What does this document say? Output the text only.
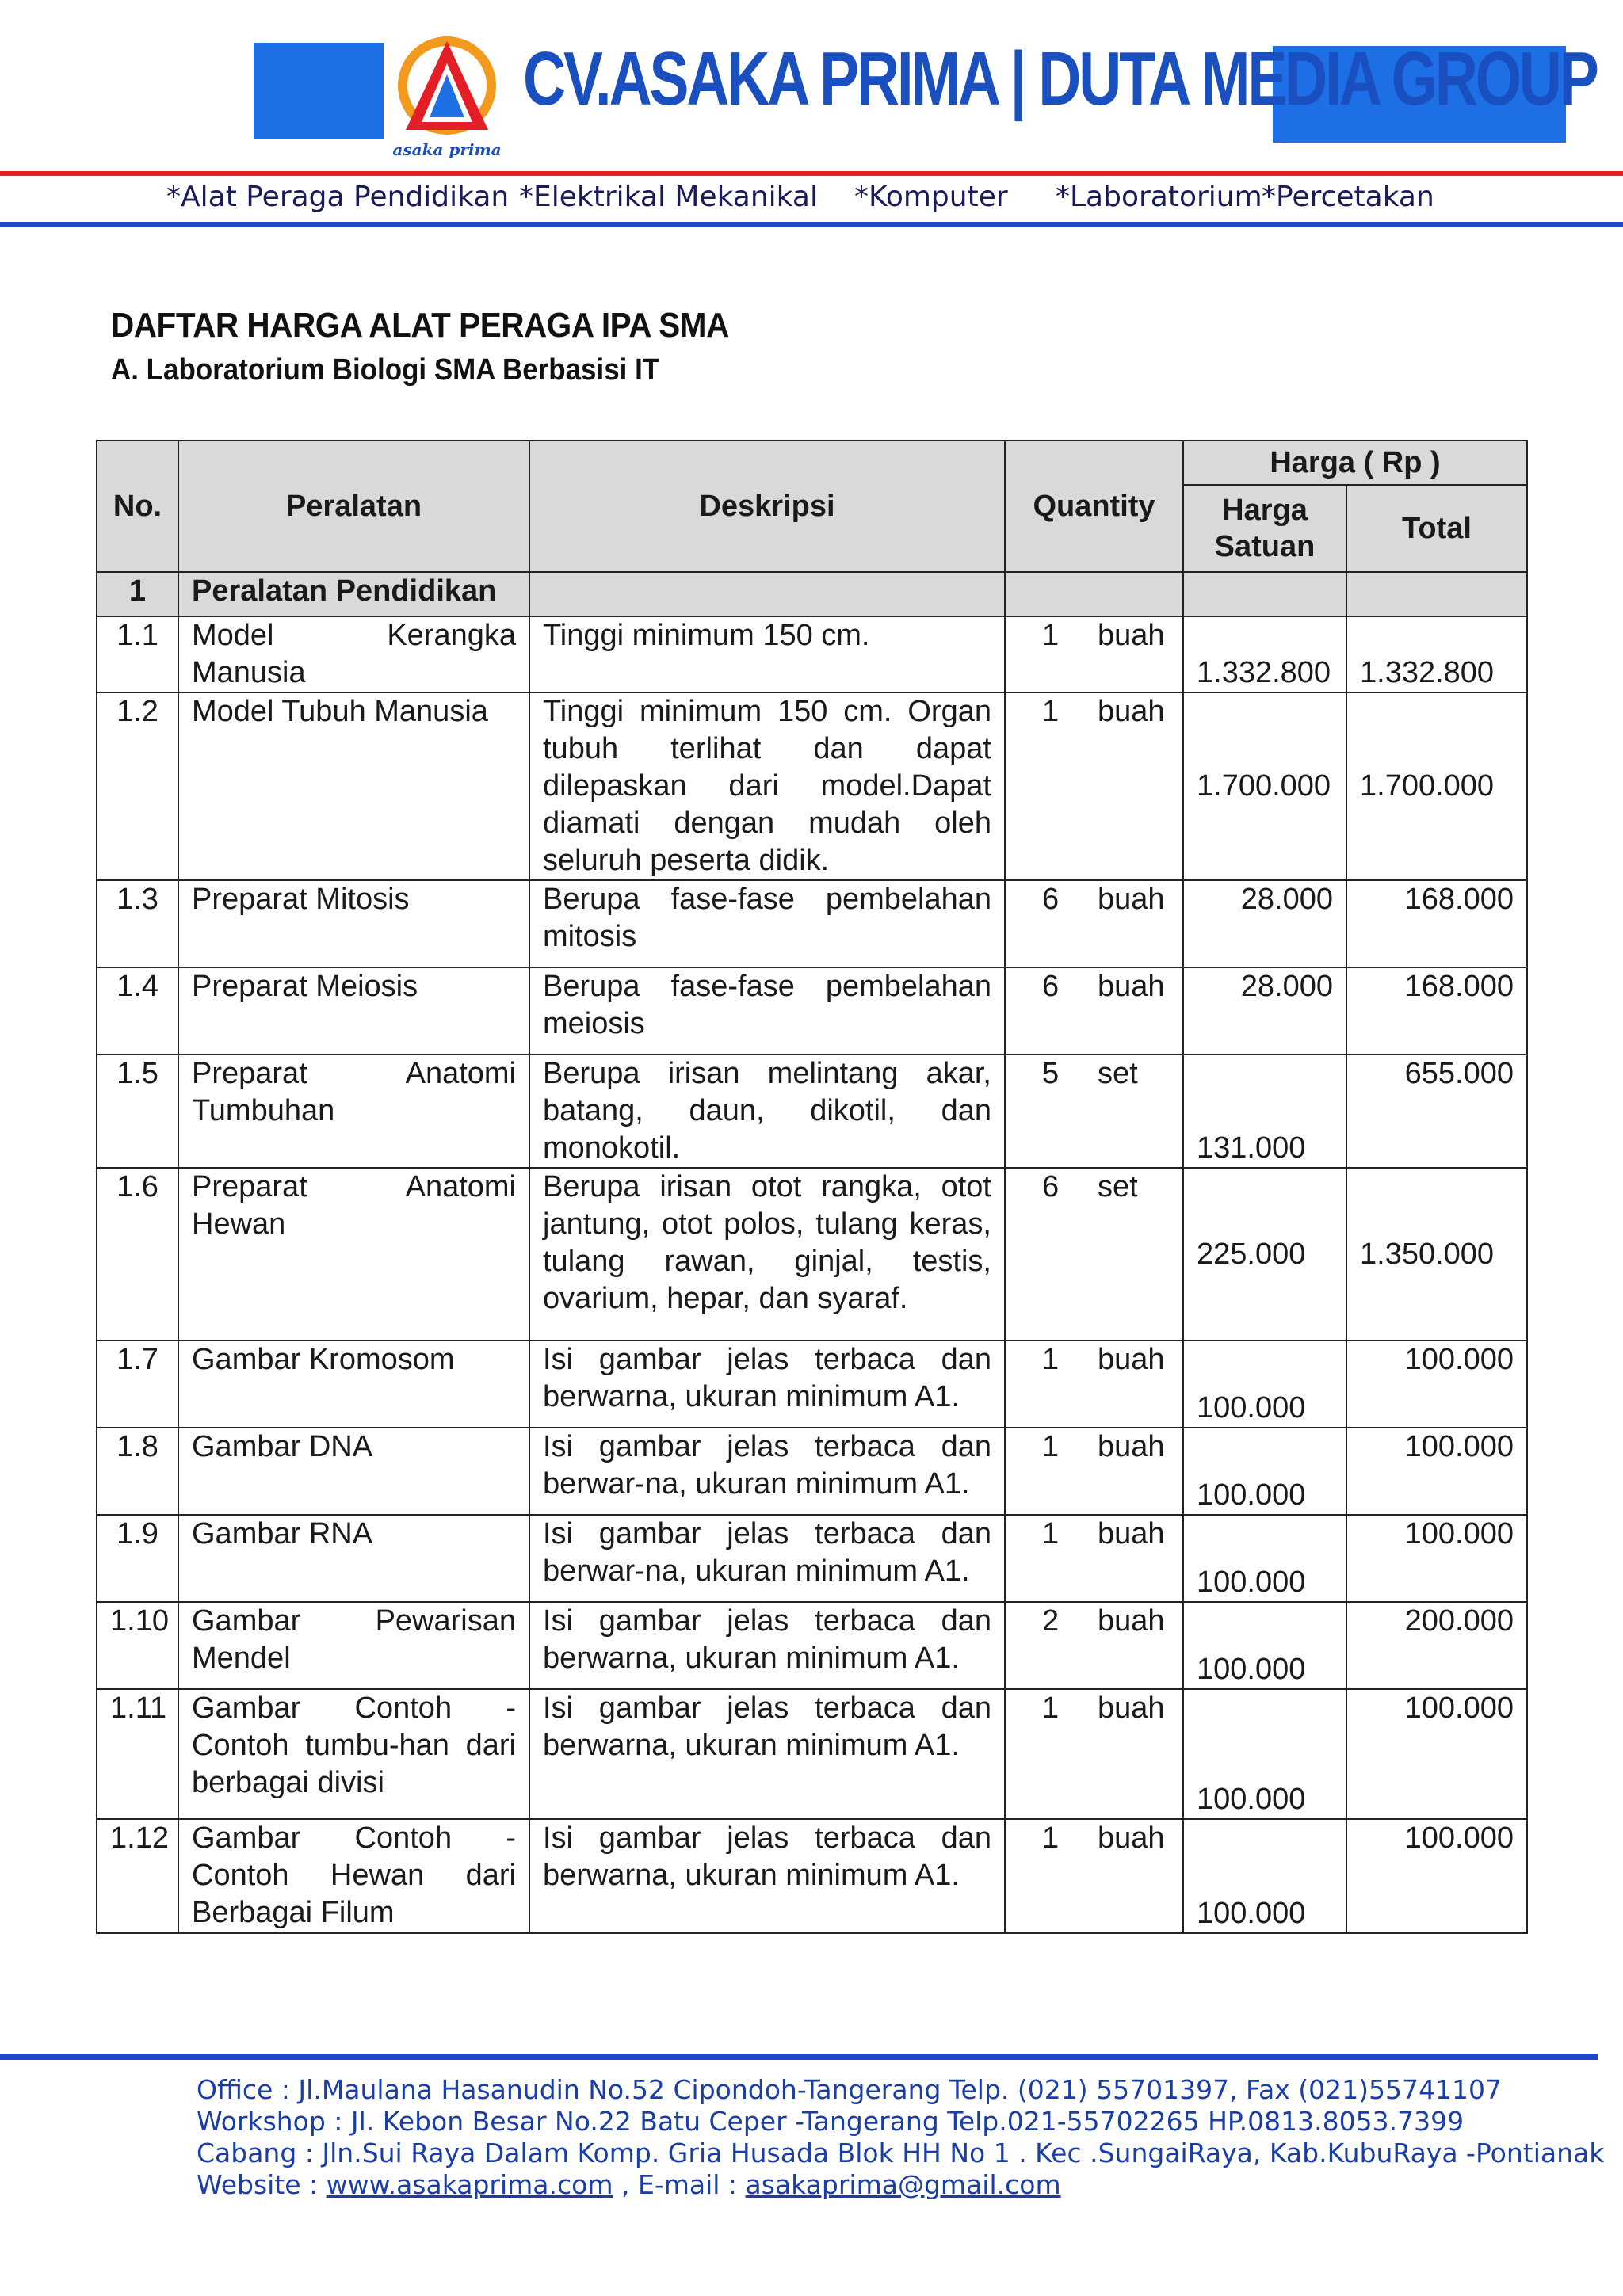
asaka prima
CV.ASAKA PRIMA | DUTA MEDIA GROUP
*Alat Peraga Pendidikan *Elektrikal Mekanikal *Komputer *Laboratorium *Percetakan
DAFTAR HARGA ALAT PERAGA IPA SMA
A. Laboratorium Biologi SMA Berbasisi IT
No.	Peralatan	Deskripsi	Quantity	Harga ( Rp )	
				Harga Satuan	Total
1	Peralatan Pendidikan				
1.1	Model Kerangka Manusia	Tinggi minimum 150 cm.	1 buah	1.332.800	1.332.800
1.2	Model Tubuh Manusia	Tinggi minimum 150 cm. Organ tubuh terlihat dan dapat dilepaskan dari model.Dapat diamati dengan mudah oleh seluruh peserta didik.	1 buah	1.700.000	1.700.000
1.3	Preparat Mitosis	Berupa fase-fase pembelahan mitosis	6 buah	28.000	168.000
1.4	Preparat Meiosis	Berupa fase-fase pembelahan meiosis	6 buah	28.000	168.000
1.5	Preparat Anatomi Tumbuhan	Berupa irisan melintang akar, batang, daun, dikotil, dan monokotil.	5 set	131.000	655.000
1.6	Preparat Anatomi Hewan	Berupa irisan otot rangka, otot jantung, otot polos, tulang keras, tulang rawan, ginjal, testis, ovarium, hepar, dan syaraf.	6 set	225.000	1.350.000
1.7	Gambar Kromosom	Isi gambar jelas terbaca dan berwarna, ukuran minimum A1.	1 buah	100.000	100.000
1.8	Gambar DNA	Isi gambar jelas terbaca dan berwar-na, ukuran minimum A1.	1 buah	100.000	100.000
1.9	Gambar RNA	Isi gambar jelas terbaca dan berwar-na, ukuran minimum A1.	1 buah	100.000	100.000
1.10	Gambar Pewarisan Mendel	Isi gambar jelas terbaca dan berwarna, ukuran minimum A1.	2 buah	100.000	200.000
1.11	Gambar Contoh - Contoh tumbu-han dari berbagai divisi	Isi gambar jelas terbaca dan berwarna, ukuran minimum A1.	1 buah	100.000	100.000
1.12	Gambar Contoh - Contoh Hewan dari Berbagai Filum	Isi gambar jelas terbaca dan berwarna, ukuran minimum A1.	1 buah	100.000	100.000
Office : Jl.Maulana Hasanudin No.52 Cipondoh-Tangerang Telp. (021) 55701397, Fax (021)55741107
Workshop : Jl. Kebon Besar No.22 Batu Ceper -Tangerang Telp.021-55702265 HP.0813.8053.7399
Cabang : Jln.Sui Raya Dalam Komp. Gria Husada Blok HH No 1 . Kec .SungaiRaya, Kab.KubuRaya -Pontianak
Website : www.asakaprima.com , E-mail : asakaprima@gmail.com
